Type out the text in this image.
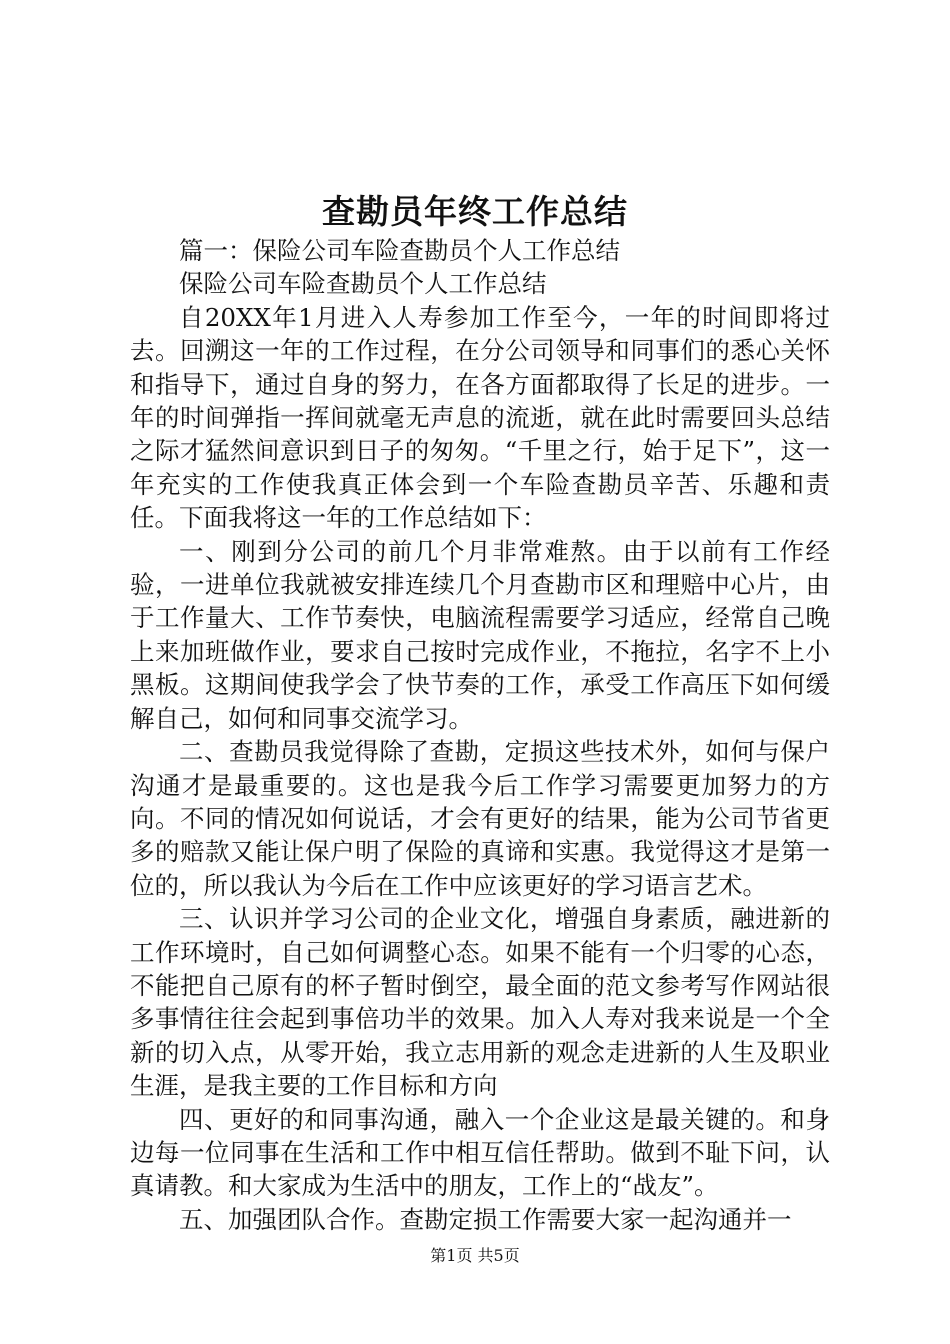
查勘员年终工作总结

篇一：保险公司车险查勘员个人工作总结

保险公司车险查勘员个人工作总结

自20XX年1月进入人寿参加工作至今，一年的时间即将过去。回溯这一年的工作过程，在分公司领导和同事们的悉心关怀和指导下，通过自身的努力，在各方面都取得了长足的进步。一年的时间弹指一挥间就毫无声息的流逝，就在此时需要回头总结之际才猛然间意识到日子的匆匆。“千里之行，始于足下”，这一年充实的工作使我真正体会到一个车险查勘员辛苦、乐趣和责任。下面我将这一年的工作总结如下：

一、刚到分公司的前几个月非常难熬。由于以前有工作经验，一进单位我就被安排连续几个月查勘市区和理赔中心片，由于工作量大、工作节奏快，电脑流程需要学习适应，经常自己晚上来加班做作业，要求自己按时完成作业，不拖拉，名字不上小黑板。这期间使我学会了快节奏的工作，承受工作高压下如何缓解自己，如何和同事交流学习。

二、查勘员我觉得除了查勘，定损这些技术外，如何与保户沟通才是最重要的。这也是我今后工作学习需要更加努力的方向。不同的情况如何说话，才会有更好的结果，能为公司节省更多的赔款又能让保户明了保险的真谛和实惠。我觉得这才是第一位的，所以我认为今后在工作中应该更好的学习语言艺术。

三、认识并学习公司的企业文化，增强自身素质，融进新的工作环境时，自己如何调整心态。如果不能有一个归零的心态，不能把自己原有的杯子暂时倒空，最全面的范文参考写作网站很多事情往往会起到事倍功半的效果。加入人寿对我来说是一个全新的切入点，从零开始，我立志用新的观念走进新的人生及职业生涯，是我主要的工作目标和方向

四、更好的和同事沟通，融入一个企业这是最关键的。和身边每一位同事在生活和工作中相互信任帮助。做到不耻下问，认真请教。和大家成为生活中的朋友，工作上的“战友”。

五、加强团队合作。查勘定损工作需要大家一起沟通并一

第1页 共5页
